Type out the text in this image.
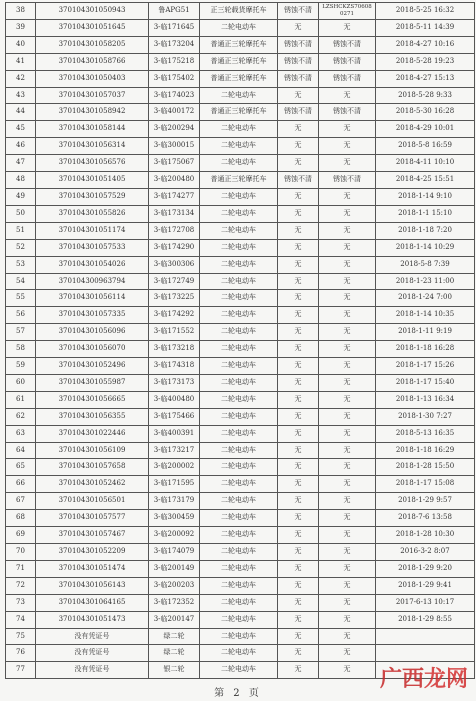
38	370104301050943	鲁APG51	正三轮载货摩托车	锈蚀不清	LZSHCKZS70608 0271	2018-5-25 16:32
39	370104301051645	3-临171645	二轮电动车	无	无	2018-5-11 14:39
40	370104301058205	3-临173204	普通正三轮摩托车	锈蚀不清	锈蚀不清	2018-4-27 10:16
41	370104301058766	3-临175218	普通正三轮摩托车	锈蚀不清	锈蚀不清	2018-5-28 19:23
42	370104301050403	3-临175402	普通正三轮摩托车	锈蚀不清	锈蚀不清	2018-4-27 15:13
43	370104301057037	3-临174023	二轮电动车	无	无	2018-5-28 9:33
44	370104301058942	3-临400172	普通正三轮摩托车	锈蚀不清	锈蚀不清	2018-5-30 16:28
45	370104301058144	3-临200294	二轮电动车	无	无	2018-4-29 10:01
46	370104301056314	3-临300015	二轮电动车	无	无	2018-5-8 16:59
47	370104301056576	3-临175067	二轮电动车	无	无	2018-4-11 10:10
48	370104301051405	3-临200480	普通正三轮摩托车	锈蚀不清	锈蚀不清	2018-4-25 15:51
49	370104301057529	3-临174277	二轮电动车	无	无	2018-1-14 9:10
50	370104301055826	3-临173134	二轮电动车	无	无	2018-1-1 15:10
51	370104301051174	3-临172708	二轮电动车	无	无	2018-1-18 7:20
52	370104301057533	3-临174290	二轮电动车	无	无	2018-1-14 10:29
53	370104301054026	3-临300306	二轮电动车	无	无	2018-5-8 7:39
54	370104300963794	3-临172749	二轮电动车	无	无	2018-1-23 11:00
55	370104301056114	3-临173225	二轮电动车	无	无	2018-1-24 7:00
56	370104301057335	3-临174292	二轮电动车	无	无	2018-1-14 10:35
57	370104301056096	3-临171552	二轮电动车	无	无	2018-1-11 9:19
58	370104301056070	3-临173218	二轮电动车	无	无	2018-1-18 16:28
59	370104301052496	3-临174318	二轮电动车	无	无	2018-1-17 15:26
60	370104301055987	3-临173173	二轮电动车	无	无	2018-1-17 15:40
61	370104301056665	3-临400480	二轮电动车	无	无	2018-1-13 16:34
62	370104301056355	3-临175466	二轮电动车	无	无	2018-1-30 7:27
63	370104301022446	3-临400391	二轮电动车	无	无	2018-5-13 16:35
64	370104301056109	3-临173217	二轮电动车	无	无	2018-1-18 16:29
65	370104301057658	3-临200002	二轮电动车	无	无	2018-1-28 15:50
66	370104301052462	3-临171595	二轮电动车	无	无	2018-1-17 15:08
67	370104301056501	3-临173179	二轮电动车	无	无	2018-1-29 9:57
68	370104301057577	3-临300459	二轮电动车	无	无	2018-7-6 13:58
69	370104301057467	3-临200092	二轮电动车	无	无	2018-1-28 10:30
70	370104301052209	3-临174079	二轮电动车	无	无	2016-3-2 8:07
71	370104301051474	3-临200149	二轮电动车	无	无	2018-1-29 9:20
72	370104301056143	3-临200203	二轮电动车	无	无	2018-1-29 9:41
73	370104301064165	3-临172352	二轮电动车	无	无	2017-6-13 10:17
74	370104301051473	3-临200147	二轮电动车	无	无	2018-1-29 8:55
75	没有凭证号	绿二轮	二轮电动车	无	无	
76	没有凭证号	绿二轮	二轮电动车	无	无	
77	没有凭证号	银二轮	二轮电动车	无	无	
第 2 页
广西龙网
